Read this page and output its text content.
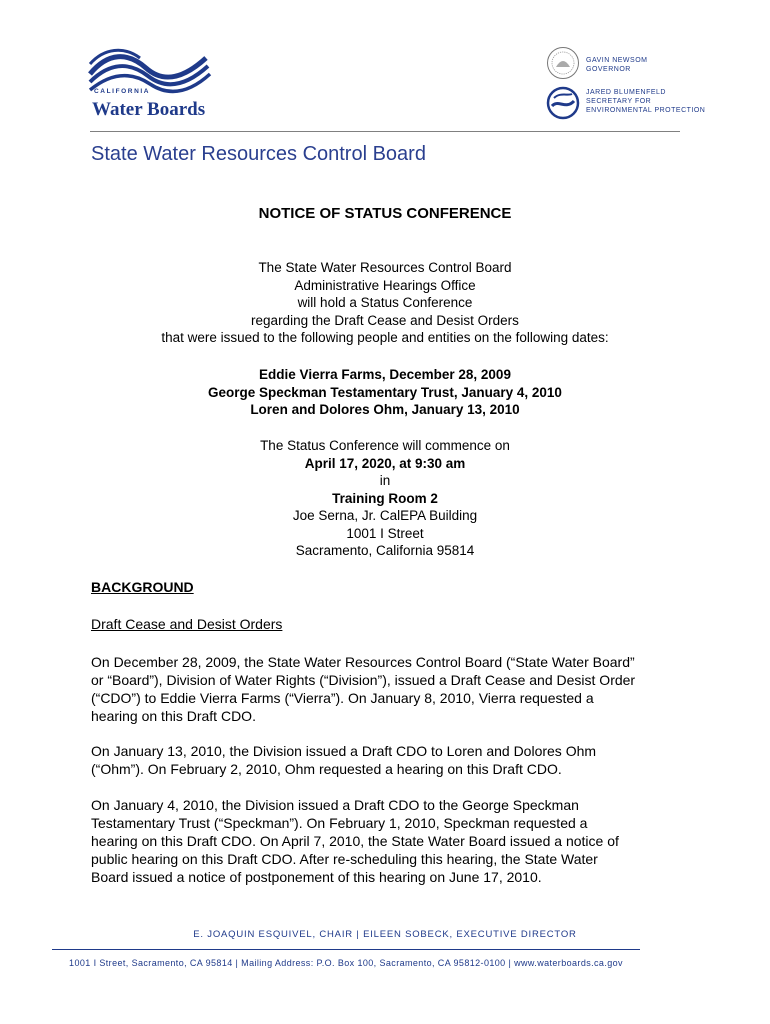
CALIFORNIA
Water Boards
GAVIN NEWSOM
GOVERNOR
JARED BLUMENFELD
SECRETARY FOR
ENVIRONMENTAL PROTECTION
State Water Resources Control Board
NOTICE OF STATUS CONFERENCE
The State Water Resources Control Board
Administrative Hearings Office
will hold a Status Conference
regarding the Draft Cease and Desist Orders
that were issued to the following people and entities on the following dates:
Eddie Vierra Farms, December 28, 2009
George Speckman Testamentary Trust, January 4, 2010
Loren and Dolores Ohm, January 13, 2010
The Status Conference will commence on
April 17, 2020, at 9:30 am
in
Training Room 2
Joe Serna, Jr. CalEPA Building
1001 I Street
Sacramento, California 95814
BACKGROUND
Draft Cease and Desist Orders
On December 28, 2009, the State Water Resources Control Board (“State Water Board”
or “Board”), Division of Water Rights (“Division”), issued a Draft Cease and Desist Order
(“CDO”) to Eddie Vierra Farms (“Vierra”). On January 8, 2010, Vierra requested a
hearing on this Draft CDO.
On January 13, 2010, the Division issued a Draft CDO to Loren and Dolores Ohm
(“Ohm”). On February 2, 2010, Ohm requested a hearing on this Draft CDO.
On January 4, 2010, the Division issued a Draft CDO to the George Speckman
Testamentary Trust (“Speckman”). On February 1, 2010, Speckman requested a
hearing on this Draft CDO. On April 7, 2010, the State Water Board issued a notice of
public hearing on this Draft CDO. After re-scheduling this hearing, the State Water
Board issued a notice of postponement of this hearing on June 17, 2010.
E. JOAQUIN ESQUIVEL, CHAIR | EILEEN SOBECK, EXECUTIVE DIRECTOR
1001 I Street, Sacramento, CA 95814 | Mailing Address: P.O. Box 100, Sacramento, CA 95812-0100 | www.waterboards.ca.gov
